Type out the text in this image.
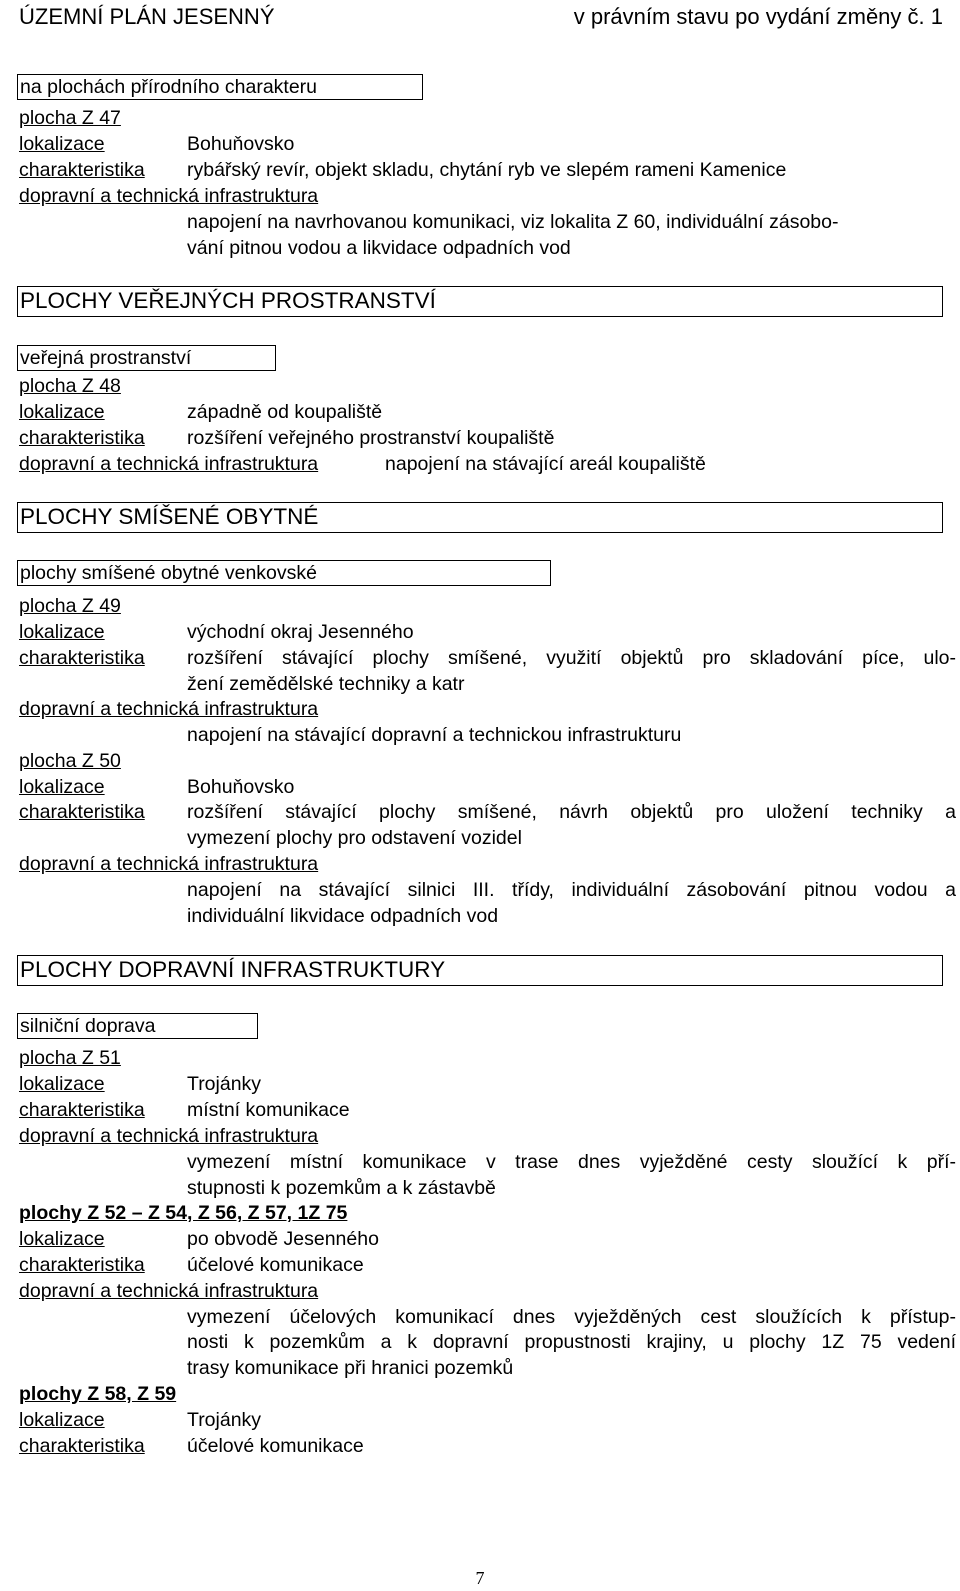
ÚZEMNÍ PLÁN JESENNÝ	v právním stavu po vydání změny č. 1
na plochách přírodního charakteru
plocha Z 47
lokalizace	Bohuňovsko
charakteristika rybářský revír, objekt skladu, chytání ryb ve slepém rameni Kamenice
dopravní a technická infrastruktura
napojení na navrhovanou komunikaci, viz lokalita Z 60, individuální zásobo-
vání pitnou vodou a likvidace odpadních vod
PLOCHY VEŘEJNÝCH PROSTRANSTVÍ
veřejná prostranství
plocha Z 48
lokalizace	západně od koupaliště
charakteristika rozšíření veřejného prostranství koupaliště
dopravní a technická infrastruktura	napojení na stávající areál koupaliště
PLOCHY SMÍŠENÉ OBYTNÉ
plochy smíšené obytné venkovské
plocha Z 49
lokalizace	východní okraj Jesenného
charakteristika rozšíření stávající plochy smíšené, využití objektů pro skladování píce, ulo-
žení zemědělské techniky a katr
dopravní a technická infrastruktura
napojení na stávající dopravní a technickou infrastrukturu
plocha Z 50
lokalizace	Bohuňovsko
charakteristika rozšíření stávající plochy smíšené, návrh objektů pro uložení techniky a
vymezení plochy pro odstavení vozidel
dopravní a technická infrastruktura
napojení na stávající silnici III. třídy, individuální zásobování pitnou vodou a
individuální likvidace odpadních vod
PLOCHY DOPRAVNÍ INFRASTRUKTURY
silniční doprava
plocha Z 51
lokalizace	Trojánky
charakteristika místní komunikace
dopravní a technická infrastruktura
vymezení místní komunikace v trase dnes vyježděné cesty sloužící k pří-
stupnosti k pozemkům a k zástavbě
plochy Z 52 – Z 54, Z 56, Z 57, 1Z 75
lokalizace	po obvodě Jesenného
charakteristika účelové komunikace
dopravní a technická infrastruktura
vymezení účelových komunikací dnes vyježděných cest sloužících k přístup-
nosti k pozemkům a k dopravní propustnosti krajiny, u plochy 1Z 75 vedení
trasy komunikace při hranici pozemků
plochy Z 58, Z 59
lokalizace	Trojánky
charakteristika účelové komunikace
7
